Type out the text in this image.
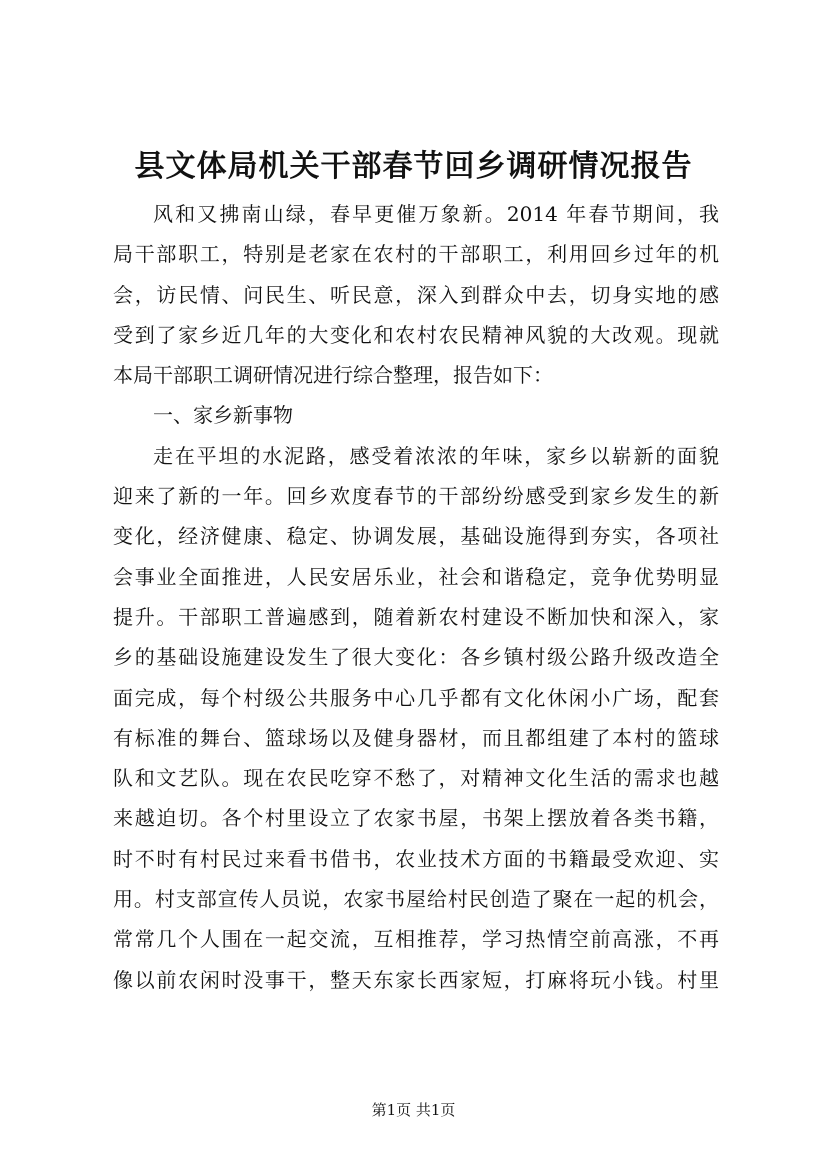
县文体局机关干部春节回乡调研情况报告
风和又拂南山绿，春早更催万象新。2014 年春节期间，我
局干部职工，特别是老家在农村的干部职工，利用回乡过年的机
会，访民情、问民生、听民意，深入到群众中去，切身实地的感
受到了家乡近几年的大变化和农村农民精神风貌的大改观。现就
本局干部职工调研情况进行综合整理，报告如下：
一、家乡新事物
走在平坦的水泥路，感受着浓浓的年味，家乡以崭新的面貌
迎来了新的一年。回乡欢度春节的干部纷纷感受到家乡发生的新
变化，经济健康、稳定、协调发展，基础设施得到夯实，各项社
会事业全面推进，人民安居乐业，社会和谐稳定，竞争优势明显
提升。干部职工普遍感到，随着新农村建设不断加快和深入，家
乡的基础设施建设发生了很大变化：各乡镇村级公路升级改造全
面完成，每个村级公共服务中心几乎都有文化休闲小广场，配套
有标准的舞台、篮球场以及健身器材，而且都组建了本村的篮球
队和文艺队。现在农民吃穿不愁了，对精神文化生活的需求也越
来越迫切。各个村里设立了农家书屋，书架上摆放着各类书籍，
时不时有村民过来看书借书，农业技术方面的书籍最受欢迎、实
用。村支部宣传人员说，农家书屋给村民创造了聚在一起的机会，
常常几个人围在一起交流，互相推荐，学习热情空前高涨，不再
像以前农闲时没事干，整天东家长西家短，打麻将玩小钱。村里
第1页 共1页
